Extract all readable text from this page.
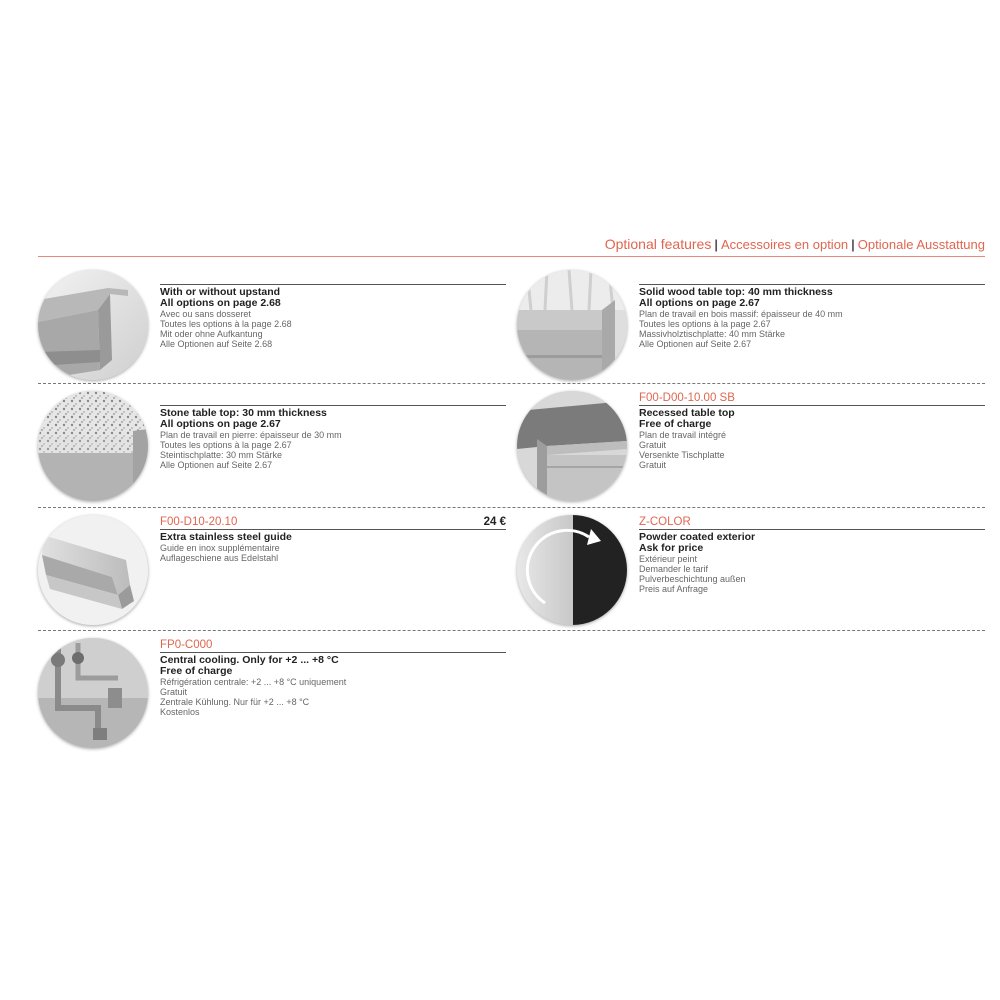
Optional features | Accessoires en option | Optionale Ausstattung
With or without upstand
All options on page 2.68
Avec ou sans dosseret
Toutes les options à la page 2.68
Mit oder ohne Aufkantung
Alle Optionen auf Seite 2.68
Solid wood table top: 40 mm thickness
All options on page 2.67
Plan de travail en bois massif: épaisseur de 40 mm
Toutes les options à la page 2.67
Massivholztischplatte: 40 mm Stärke
Alle Optionen auf Seite 2.67
Stone table top: 30 mm thickness
All options on page 2.67
Plan de travail en pierre: épaisseur de 30 mm
Toutes les options à la page 2.67
Steintischplatte: 30 mm Stärke
Alle Optionen auf Seite 2.67
F00-D00-10.00 SB
Recessed table top
Free of charge
Plan de travail intégré
Gratuit
Versenkte Tischplatte
Gratuit
F00-D10-20.10	24 €
Extra stainless steel guide
Guide en inox supplémentaire
Auflageschiene aus Edelstahl
Z-COLOR
Powder coated exterior
Ask for price
Extérieur peint
Demander le tarif
Pulverbeschichtung außen
Preis auf Anfrage
FP0-C000
Central cooling. Only for +2 ... +8 °C
Free of charge
Réfrigération centrale: +2 ... +8 °C uniquement
Gratuit
Zentrale Kühlung. Nur für +2 ... +8 °C
Kostenlos
